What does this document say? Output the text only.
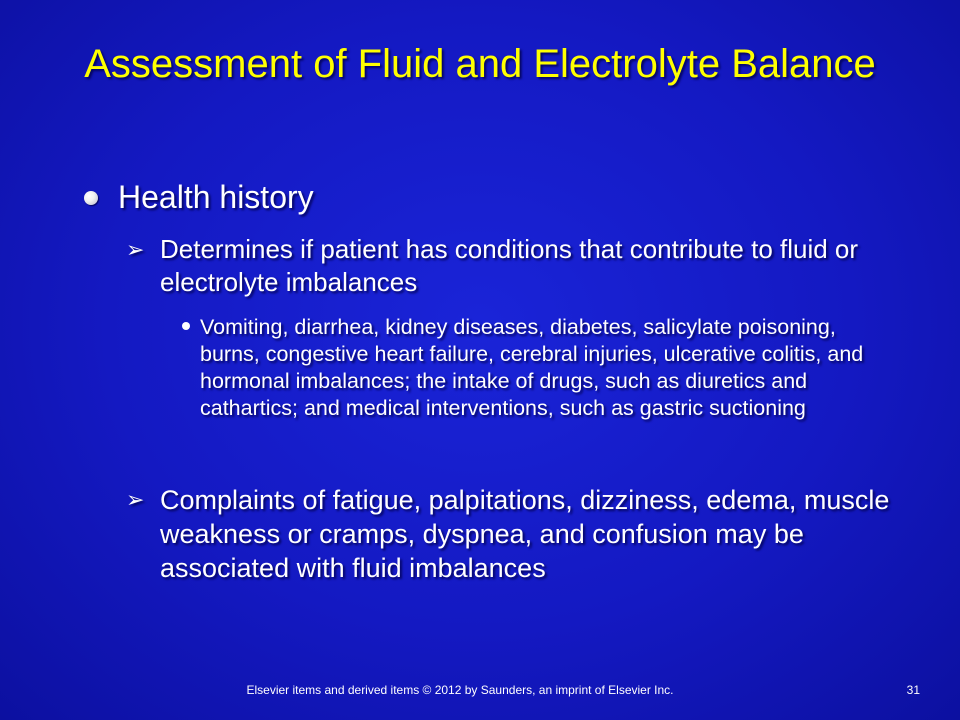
Assessment of Fluid and Electrolyte Balance
Health history
➢ Determines if patient has conditions that contribute to fluid or electrolyte imbalances
Vomiting, diarrhea, kidney diseases, diabetes, salicylate poisoning, burns, congestive heart failure, cerebral injuries, ulcerative colitis, and hormonal imbalances; the intake of drugs, such as diuretics and cathartics; and medical interventions, such as gastric suctioning
➢ Complaints of fatigue, palpitations, dizziness, edema, muscle weakness or cramps, dyspnea, and confusion may be associated with fluid imbalances
Elsevier items and derived items © 2012 by Saunders, an imprint of Elsevier Inc.	31
